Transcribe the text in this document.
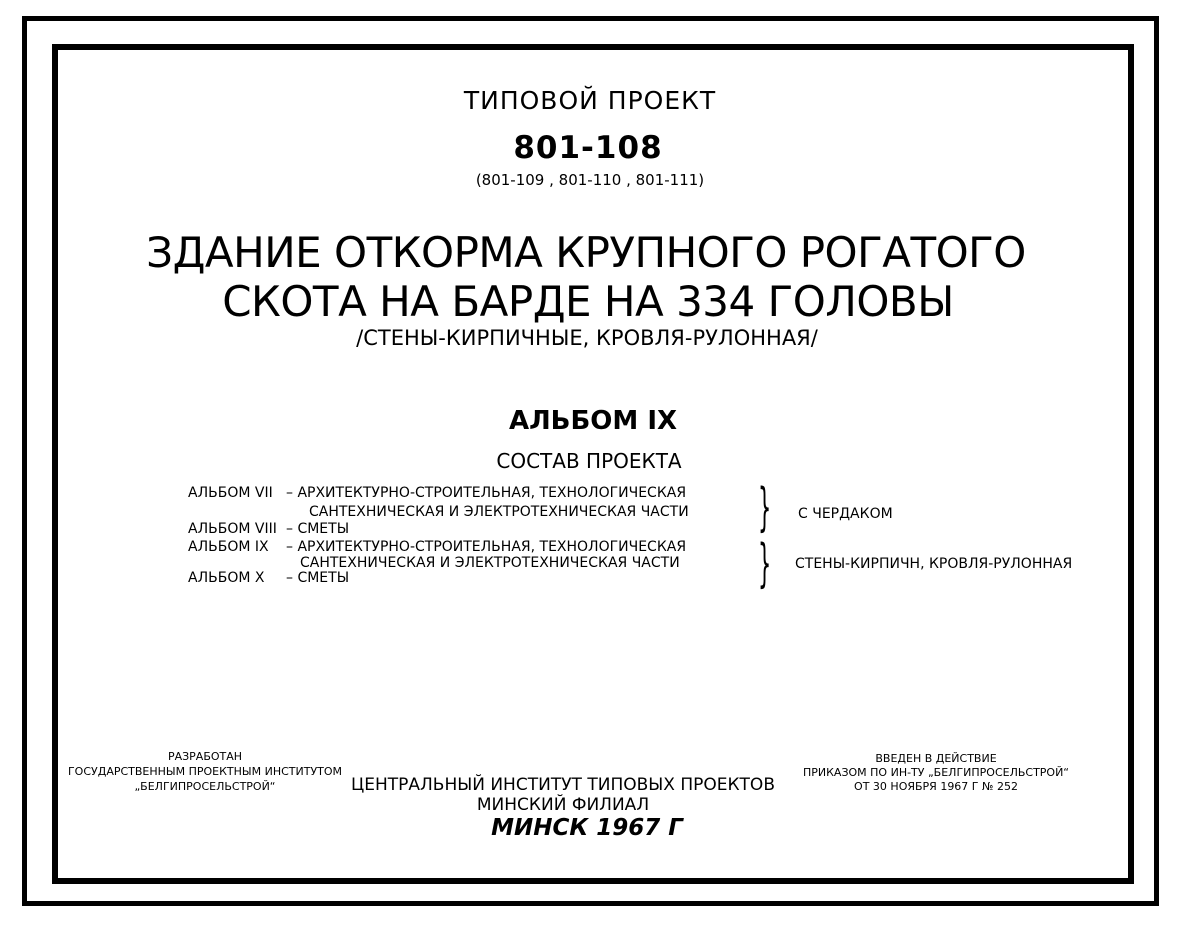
ТИПОВОЙ ПРОЕКТ
801-108
(801-109 , 801-110 , 801-111)
ЗДАНИЕ ОТКОРМА КРУПНОГО РОГАТОГО
СКОТА НА БАРДЕ НА 334 ГОЛОВЫ
/СТЕНЫ-КИРПИЧНЫЕ, КРОВЛЯ-РУЛОННАЯ/
АЛЬБОМ IX
СОСТАВ ПРОЕКТА
АЛЬБОМ VII – АРХИТЕКТУРНО-СТРОИТЕЛЬНАЯ, ТЕХНОЛОГИЧЕСКАЯ
САНТЕХНИЧЕСКАЯ И ЭЛЕКТРОТЕХНИЧЕСКАЯ ЧАСТИ
АЛЬБОМ VIII – СМЕТЫ	} С ЧЕРДАКОМ
АЛЬБОМ IX – АРХИТЕКТУРНО-СТРОИТЕЛЬНАЯ, ТЕХНОЛОГИЧЕСКАЯ
САНТЕХНИЧЕСКАЯ И ЭЛЕКТРОТЕХНИЧЕСКАЯ ЧАСТИ
АЛЬБОМ X – СМЕТЫ	} СТЕНЫ-КИРПИЧН, КРОВЛЯ-РУЛОННАЯ
РАЗРАБОТАН
ГОСУДАРСТВЕННЫМ ПРОЕКТНЫМ ИНСТИТУТОМ
„БЕЛГИПРОСЕЛЬСТРОЙ“	ЦЕНТРАЛЬНЫЙ ИНСТИТУТ ТИПОВЫХ ПРОЕКТОВ
МИНСКИЙ ФИЛИАЛ
МИНСК 1967 Г
ВВЕДЕН В ДЕЙСТВИЕ
ПРИКАЗОМ ПО ИН-ТУ „БЕЛГИПРОСЕЛЬСТРОЙ“
ОТ 30 НОЯБРЯ 1967 Г № 252
